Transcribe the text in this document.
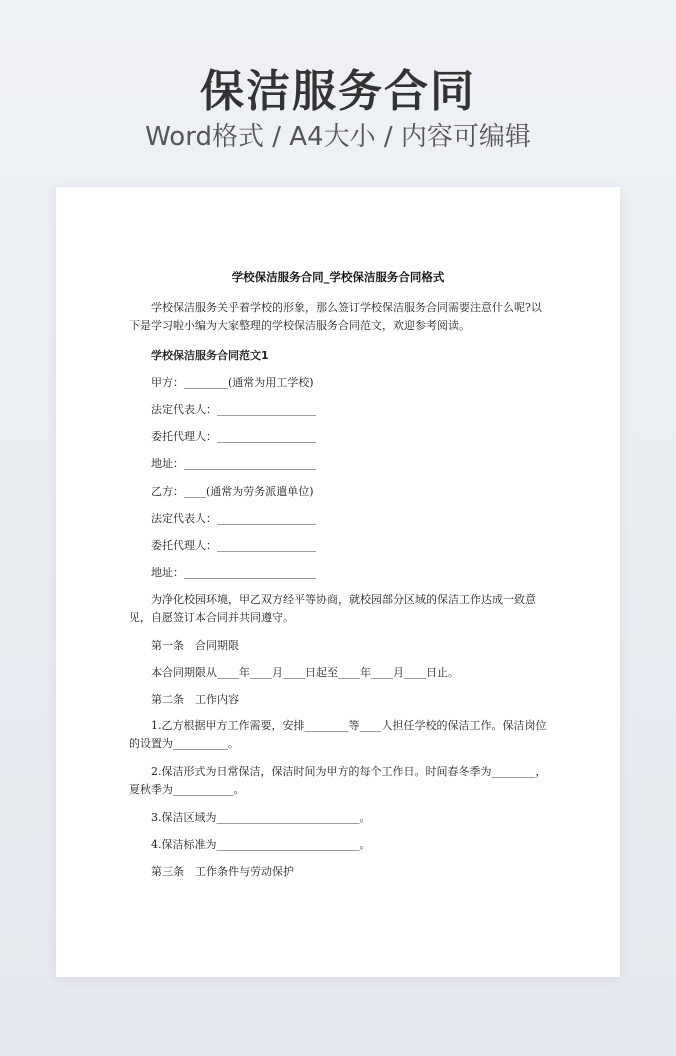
保洁服务合同
Word格式 / A4大小 / 内容可编辑
学校保洁服务合同_学校保洁服务合同格式
学校保洁服务关乎着学校的形象，那么签订学校保洁服务合同需要注意什么呢?以下是学习啦小编为大家整理的学校保洁服务合同范文，欢迎参考阅读。
学校保洁服务合同范文1
甲方：________(通常为用工学校)
法定代表人：__________________
委托代理人：__________________
地址：________________________
乙方：____(通常为劳务派遣单位)
法定代表人：__________________
委托代理人：__________________
地址：________________________
为净化校园环境，甲乙双方经平等协商，就校园部分区域的保洁工作达成一致意见，自愿签订本合同并共同遵守。
第一条　合同期限
本合同期限从____年____月____日起至____年____月____日止。
第二条　工作内容
1.乙方根据甲方工作需要，安排________等____人担任学校的保洁工作。保洁岗位的设置为__________。
2.保洁形式为日常保洁，保洁时间为甲方的每个工作日。时间春冬季为________，夏秋季为___________。
3.保洁区域为__________________________。
4.保洁标准为__________________________。
第三条　工作条件与劳动保护
